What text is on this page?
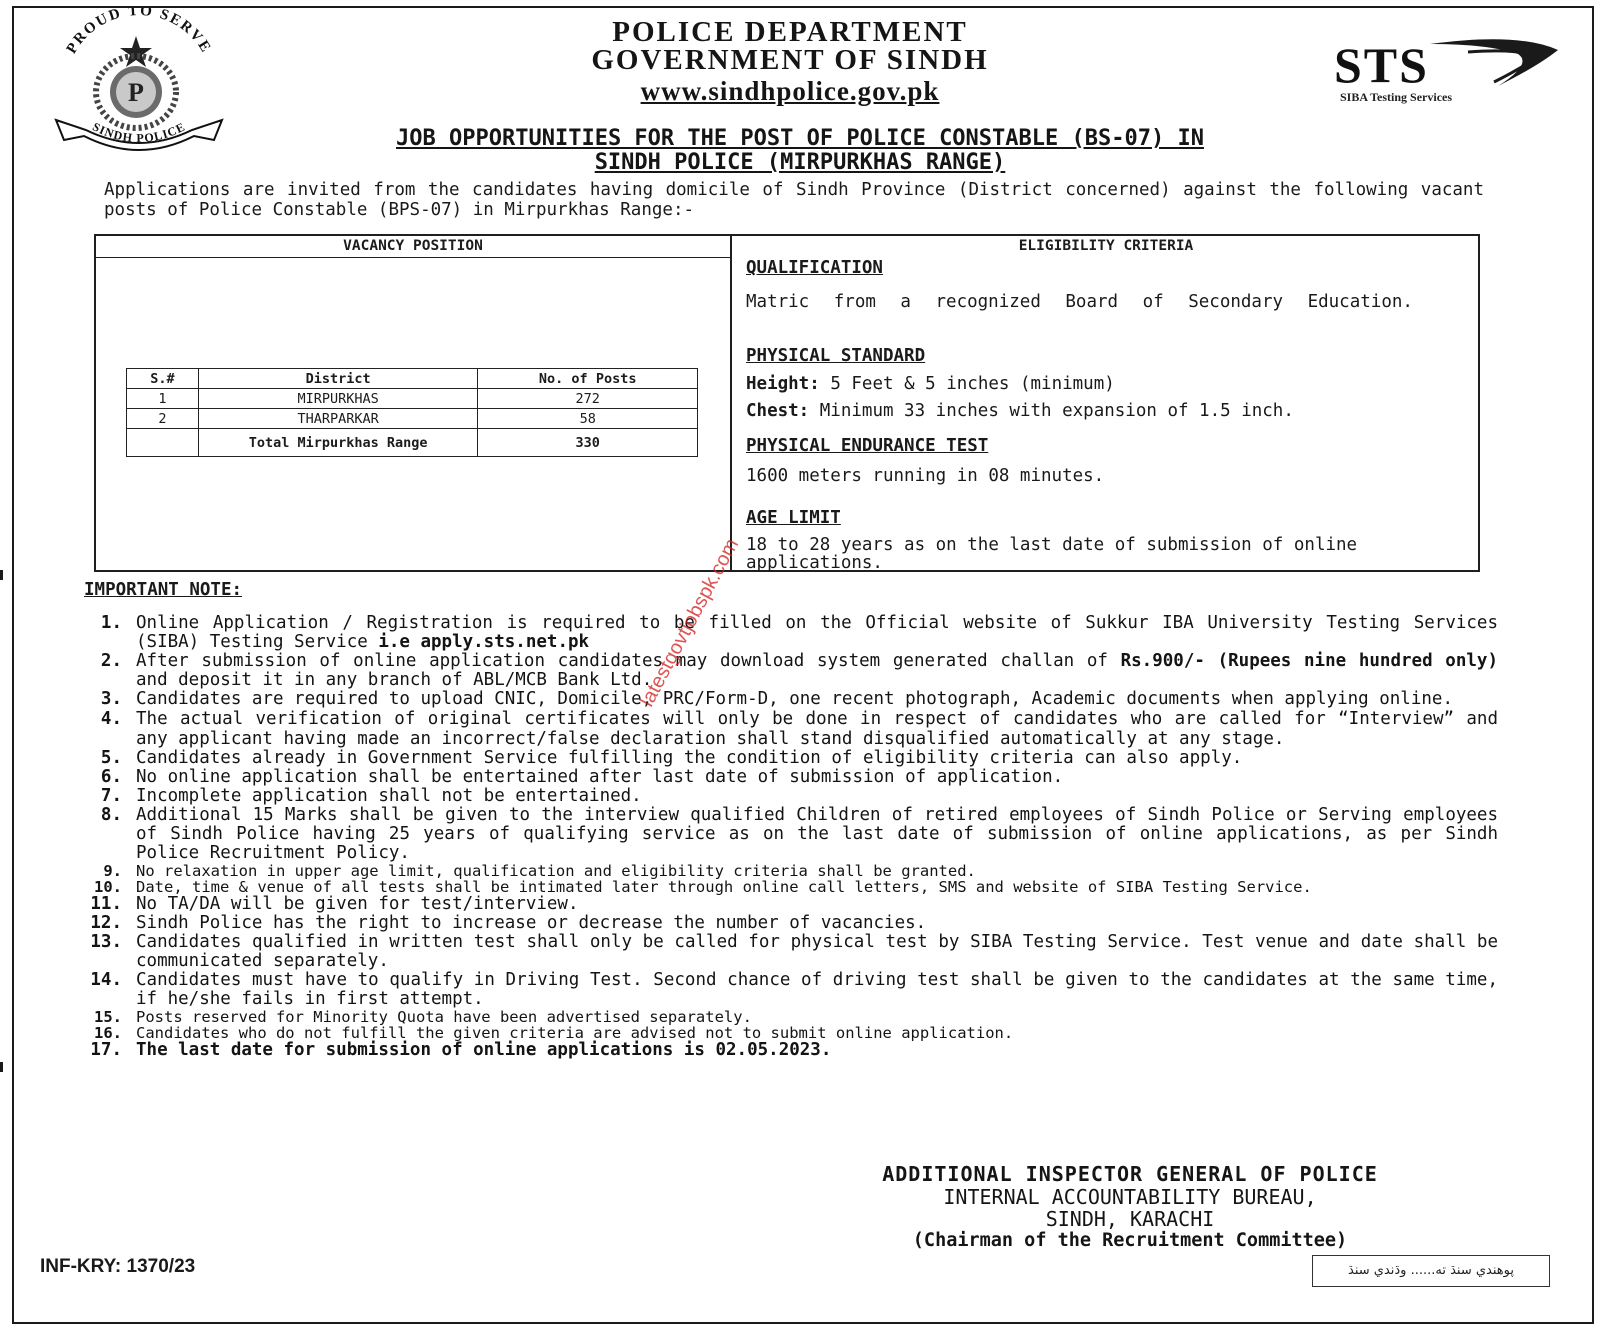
PROUD TO SERVE
P
SINDH POLICE
STS
SIBA Testing Services
POLICE DEPARTMENT
GOVERNMENT OF SINDH
www.sindhpolice.gov.pk
JOB OPPORTUNITIES FOR THE POST OF POLICE CONSTABLE (BS-07) IN
SINDH POLICE (MIRPURKHAS RANGE)
Applications are invited from the candidates having domicile of Sindh Province (District concerned) against the following vacant posts of Police Constable (BPS-07) in Mirpurkhas Range:-
VACANCY POSITION	ELIGIBILITY CRITERIA
S.#	District	No. of Posts
1	MIRPURKHAS	272
2	THARPARKAR	58
	Total Mirpurkhas Range	330
QUALIFICATION
Matric from a recognized Board of Secondary Education.
PHYSICAL STANDARD
Height: 5 Feet & 5 inches (minimum)
Chest: Minimum 33 inches with expansion of 1.5 inch.
PHYSICAL ENDURANCE TEST
1600 meters running in 08 minutes.
AGE LIMIT
18 to 28 years as on the last date of submission of online applications.
IMPORTANT NOTE:
1. Online Application / Registration is required to be filled on the Official website of Sukkur IBA University Testing Services (SIBA) Testing Service i.e apply.sts.net.pk
2. After submission of online application candidates may download system generated challan of Rs.900/- (Rupees nine hundred only) and deposit it in any branch of ABL/MCB Bank Ltd.
3. Candidates are required to upload CNIC, Domicile, PRC/Form-D, one recent photograph, Academic documents when applying online.
4. The actual verification of original certificates will only be done in respect of candidates who are called for “Interview” and any applicant having made an incorrect/false declaration shall stand disqualified automatically at any stage.
5. Candidates already in Government Service fulfilling the condition of eligibility criteria can also apply.
6. No online application shall be entertained after last date of submission of application.
7. Incomplete application shall not be entertained.
8. Additional 15 Marks shall be given to the interview qualified Children of retired employees of Sindh Police or Serving employees of Sindh Police having 25 years of qualifying service as on the last date of submission of online applications, as per Sindh Police Recruitment Policy.
9. No relaxation in upper age limit, qualification and eligibility criteria shall be granted.
10. Date, time & venue of all tests shall be intimated later through online call letters, SMS and website of SIBA Testing Service.
11. No TA/DA will be given for test/interview.
12. Sindh Police has the right to increase or decrease the number of vacancies.
13. Candidates qualified in written test shall only be called for physical test by SIBA Testing Service. Test venue and date shall be communicated separately.
14. Candidates must have to qualify in Driving Test. Second chance of driving test shall be given to the candidates at the same time, if he/she fails in first attempt.
15. Posts reserved for Minority Quota have been advertised separately.
16. Candidates who do not fulfill the given criteria are advised not to submit online application.
17. The last date for submission of online applications is 02.05.2023.
ADDITIONAL INSPECTOR GENERAL OF POLICE
INTERNAL ACCOUNTABILITY BUREAU,
SINDH, KARACHI
(Chairman of the Recruitment Committee)
INF-KRY: 1370/23	پوهندي سنڌ ته...... وڌندي سنڌ
latestgovtjobspk.com
